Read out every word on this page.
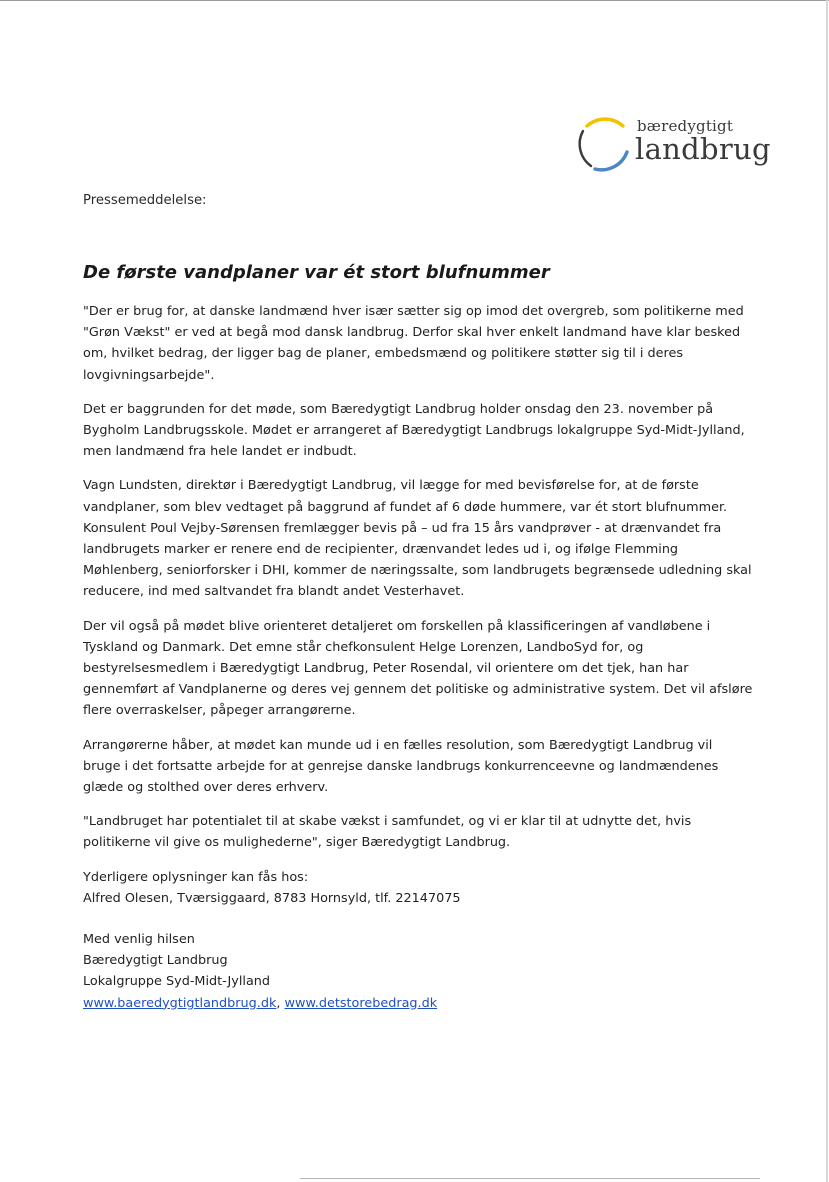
bæredygtigt
landbrug

Pressemeddelelse:

De første vandplaner var ét stort blufnummer

"Der er brug for, at danske landmænd hver især sætter sig op imod det overgreb, som politikerne med "Grøn Vækst" er ved at begå mod dansk landbrug. Derfor skal hver enkelt landmand have klar besked om, hvilket bedrag, der ligger bag de planer, embedsmænd og politikere støtter sig til i deres lovgivningsarbejde".

Det er baggrunden for det møde, som Bæredygtigt Landbrug holder onsdag den 23. november på Bygholm Landbrugsskole. Mødet er arrangeret af Bæredygtigt Landbrugs lokalgruppe Syd-Midt-Jylland, men landmænd fra hele landet er indbudt.

Vagn Lundsten, direktør i Bæredygtigt Landbrug, vil lægge for med bevisførelse for, at de første vandplaner, som blev vedtaget på baggrund af fundet af 6 døde hummere, var ét stort blufnummer. Konsulent Poul Vejby-Sørensen fremlægger bevis på – ud fra 15 års vandprøver - at drænvandet fra landbrugets marker er renere end de recipienter, drænvandet ledes ud i, og ifølge Flemming Møhlenberg, seniorforsker i DHI, kommer de næringssalte, som landbrugets begrænsede udledning skal reducere, ind med saltvandet fra blandt andet Vesterhavet.

Der vil også på mødet blive orienteret detaljeret om forskellen på klassificeringen af vandløbene i Tyskland og Danmark. Det emne står chefkonsulent Helge Lorenzen, LandboSyd for, og bestyrelsesmedlem i Bæredygtigt Landbrug, Peter Rosendal, vil orientere om det tjek, han har gennemført af Vandplanerne og deres vej gennem det politiske og administrative system. Det vil afsløre flere overraskelser, påpeger arrangørerne.

Arrangørerne håber, at mødet kan munde ud i en fælles resolution, som Bæredygtigt Landbrug vil bruge i det fortsatte arbejde for at genrejse danske landbrugs konkurrenceevne og landmændenes glæde og stolthed over deres erhverv.

"Landbruget har potentialet til at skabe vækst i samfundet, og vi er klar til at udnytte det, hvis politikerne vil give os mulighederne", siger Bæredygtigt Landbrug.

Yderligere oplysninger kan fås hos:

Alfred Olesen, Tværsiggaard, 8783 Hornsyld, tlf. 22147075

Med venlig hilsen

Bæredygtigt Landbrug

Lokalgruppe Syd-Midt-Jylland

www.baeredygtigtlandbrug.dk, www.detstorebedrag.dk
